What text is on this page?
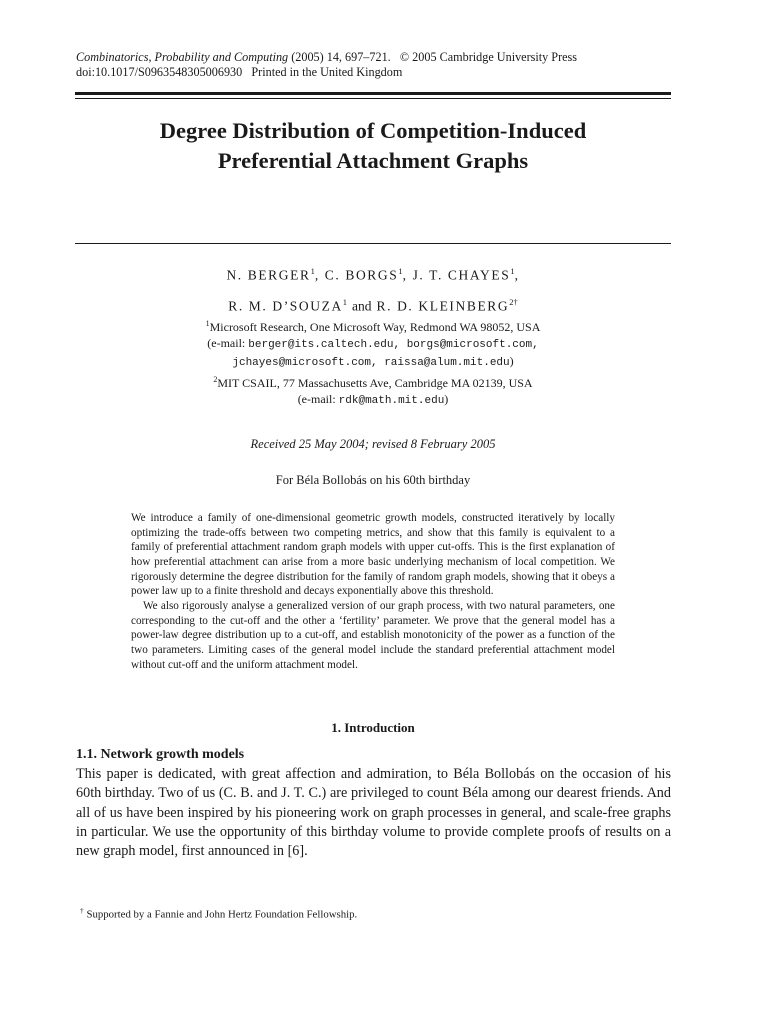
Combinatorics, Probability and Computing (2005) 14, 697–721. © 2005 Cambridge University Press
doi:10.1017/S0963548305006930 Printed in the United Kingdom
Degree Distribution of Competition-Induced
Preferential Attachment Graphs
N. BERGER$^1$, C. BORGS$^1$, J. T. CHAYES$^1$,
R. M. D’SOUZA$^1$ and R. D. $KLEINBERG^{2\dagger}$
$^1$Microsoft Research, One Microsoft Way, Redmond WA 98052, USA
(e-mail: berger@its.caltech.edu, borgs@microsoft.com,
jchayes@microsoft.com, raissa@alum.mit.edu)
$^2$MIT CSAIL, 77 Massachusetts Ave, Cambridge MA 02139, USA
(e-mail: rdk@math.mit.edu)
Received 25 May 2004; revised 8 February 2005
For Béla Bollobás on his 60th birthday

We introduce a family of one-dimensional geometric growth models, constructed iteratively by locally optimizing the trade-offs between two competing metrics, and show that this family is equivalent to a family of preferential attachment random graph models with upper cut-offs. This is the first explanation of how preferential attachment can arise from a more basic underlying mechanism of local competition. We rigorously determine the degree distribution for the family of random graph models, showing that it obeys a power law up to a finite threshold and decays exponentially above this threshold.

We also rigorously analyse a generalized version of our graph process, with two natural parameters, one corresponding to the cut-off and the other a ‘fertility’ parameter. We prove that the general model has a power-law degree distribution up to a cut-off, and establish monotonicity of the power as a function of the two parameters. Limiting cases of the general model include the standard preferential attachment model without cut-off and the uniform attachment model.

1. Introduction
1.1. Network growth models

This paper is dedicated, with great affection and admiration, to Béla Bollobás on the occasion of his 60th birthday. Two of us (C. B. and J. T. C.) are privileged to count Béla among our dearest friends. And all of us have been inspired by his pioneering work on graph processes in general, and scale-free graphs in particular. We use the opportunity of this birthday volume to provide complete proofs of results on a new graph model, first announced in [6].

† Supported by a Fannie and John Hertz Foundation Fellowship.
